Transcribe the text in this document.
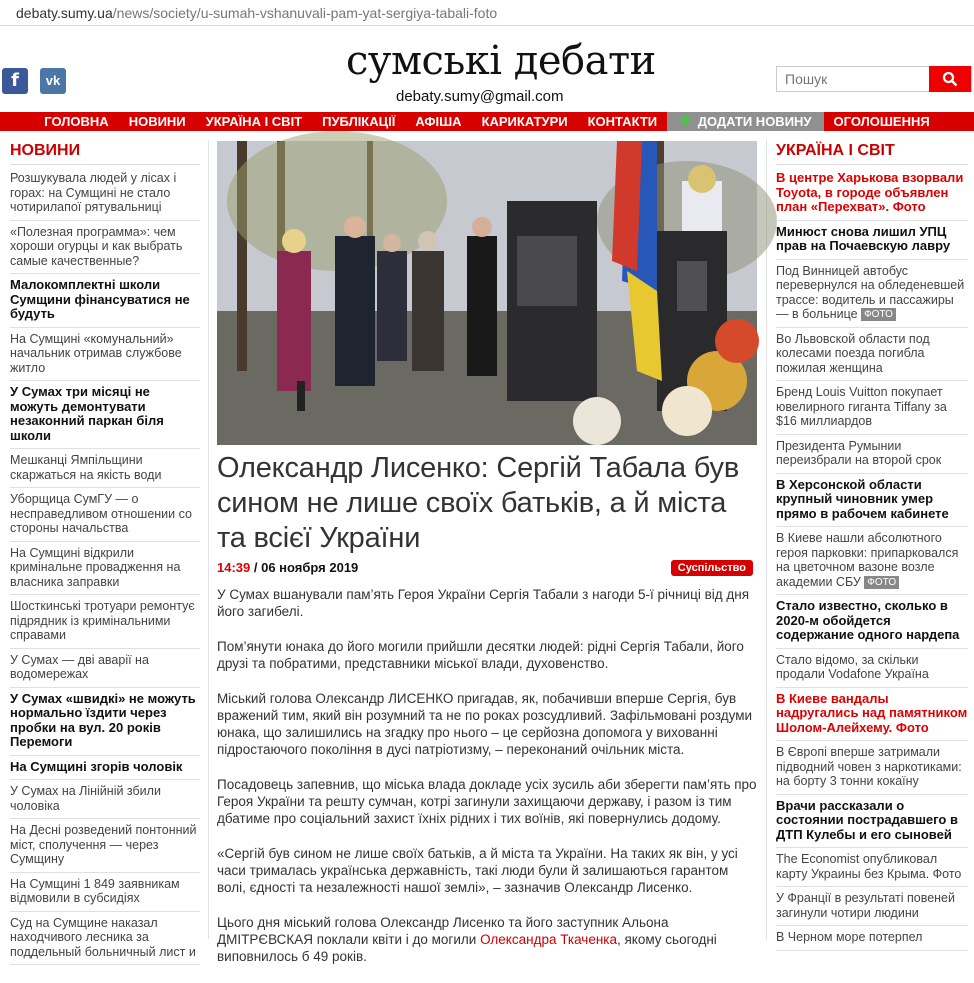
debaty.sumy.ua/news/society/u-sumah-vshanuvali-pam-yat-sergiya-tabali-foto
f	vk	сумські дебати
debaty.sumy@gmail.com
Пошук
ГОЛОВНА	НОВИНИ	УКРАЇНА І СВІТ	ПУБЛІКАЦІЇ	АФІША	КАРИКАТУРИ	КОНТАКТИ	✚ ДОДАТИ НОВИНУ	ОГОЛОШЕННЯ
НОВИНИ
Розшукувала людей у лісах і горах: на Сумщині не стало чотирилапої рятувальниці
«Полезная программа»: чем хороши огурцы и как выбрать самые качественные?
Малокомплектні школи Сумщини фінансуватися не будуть
На Сумщині «комунальний» начальник отримав службове житло
У Сумах три місяці не можуть демонтувати незаконний паркан біля школи
Мешканці Ямпільщини скаржаться на якість води
Уборщица СумГУ — о несправедливом отношении со стороны начальства
На Сумщині відкрили кримінальне провадження на власника заправки
Шосткинські тротуари ремонтує підрядник із кримінальними справами
У Сумах — дві аварії на водомережах
У Сумах «швидкі» не можуть нормально їздити через пробки на вул. 20 років Перемоги
На Сумщині згорів чоловік
У Сумах на Лінійній збили чоловіка
На Десні розведений понтонний міст, сполучення — через Сумщину
На Сумщині 1 849 заявникам відмовили в субсидіях
Суд на Сумщине наказал находчивого лесника за поддельный больничный лист и
Олександр Лисенко: Сергій Табала був сином не лише своїх батьків, а й міста та всієї України
14:39 / 06 ноября 2019	Суспільство

У Сумах вшанували пам’ять Героя України Сергія Табали з нагоди 5-ї річниці від дня його загибелі.

Пом’янути юнака до його могили прийшли десятки людей: рідні Сергія Табали, його друзі та побратими, представники міської влади, духовенство.

Міський голова Олександр ЛИСЕНКО пригадав, як, побачивши вперше Сергія, був вражений тим, який він розумний та не по роках розсудливий. Зафільмовані роздуми юнака, що залишились на згадку про нього – це серйозна допомога у вихованні підростаючого покоління в дусі патріотизму, – переконаний очільник міста.

Посадовець запевнив, що міська влада докладе усіх зусиль аби зберегти пам’ять про Героя України та решту сумчан, котрі загинули захищаючи державу, і разом із тим дбатиме про соціальний захист їхніх рідних і тих воїнів, які повернулись додому.

«Сергій був сином не лише своїх батьків, а й міста та України. На таких як він, у усі часи трималась українська державність, такі люди були й залишаються гарантом волі, єдності та незалежності нашої землі», – зазначив Олександр Лисенко.

Цього дня міський голова Олександр Лисенко та його заступник Альона ДМІТРЄВСКАЯ поклали квіти і до могили Олександра Ткаченка, якому сьогодні виповнилось б 49 років.

УКРАЇНА І СВІТ
В центре Харькова взорвали Toyota, в городе объявлен план «Перехват». Фото
Минюст снова лишил УПЦ прав на Почаевскую лавру
Под Винницей автобус перевернулся на обледеневшей трассе: водитель и пассажиры — в больнице ФОТО
Во Львовской области под колесами поезда погибла пожилая женщина
Бренд Louis Vuitton покупает ювелирного гиганта Tiffany за $16 миллиардов
Президента Румынии переизбрали на второй срок
В Херсонской области крупный чиновник умер прямо в рабочем кабинете
В Киеве нашли абсолютного героя парковки: припарковался на цветочном вазоне возле академии СБУ ФОТО
Стало известно, сколько в 2020-м обойдется содержание одного нардепа
Стало відомо, за скільки продали Vodafone Україна
В Киеве вандалы надругались над памятником Шолом-Алейхему. Фото
В Європі вперше затримали підводний човен з наркотиками: на борту 3 тонни кокаїну
Врачи рассказали о состоянии пострадавшего в ДТП Кулебы и его сыновей
The Economist опубликовал карту Украины без Крыма. Фото
У Франції в результаті повеней загинули чотири людини
В Черном море потерпел
